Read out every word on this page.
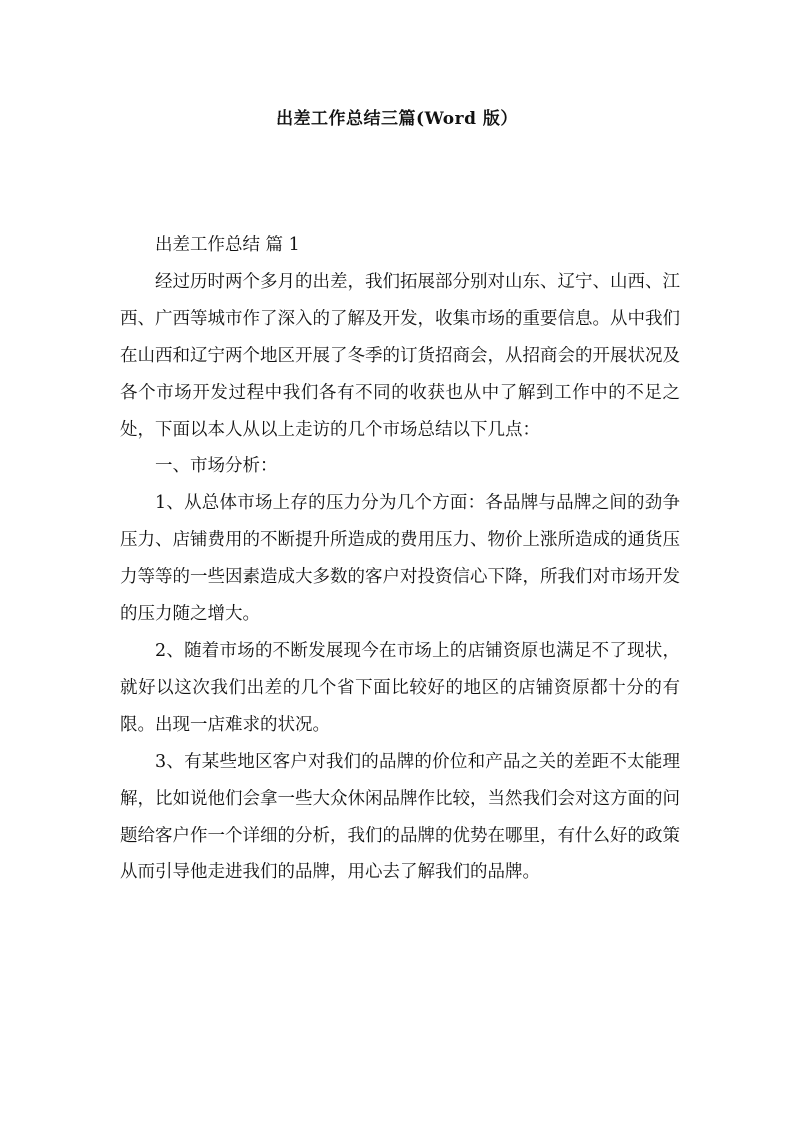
出差工作总结三篇(Word 版）

出差工作总结 篇 1

经过历时两个多月的出差，我们拓展部分别对山东、辽宁、山西、江西、广西等城市作了深入的了解及开发，收集市场的重要信息。从中我们在山西和辽宁两个地区开展了冬季的订货招商会，从招商会的开展状况及各个市场开发过程中我们各有不同的收获也从中了解到工作中的不足之处，下面以本人从以上走访的几个市场总结以下几点：

一、市场分析：

1、从总体市场上存的压力分为几个方面：各品牌与品牌之间的劲争压力、店铺费用的不断提升所造成的费用压力、物价上涨所造成的通货压力等等的一些因素造成大多数的客户对投资信心下降，所我们对市场开发的压力随之增大。

2、随着市场的不断发展现今在市场上的店铺资原也满足不了现状，就好以这次我们出差的几个省下面比较好的地区的店铺资原都十分的有限。出现一店难求的状况。

3、有某些地区客户对我们的品牌的价位和产品之关的差距不太能理解，比如说他们会拿一些大众休闲品牌作比较，当然我们会对这方面的问题给客户作一个详细的分析，我们的品牌的优势在哪里，有什么好的政策从而引导他走进我们的品牌，用心去了解我们的品牌。
